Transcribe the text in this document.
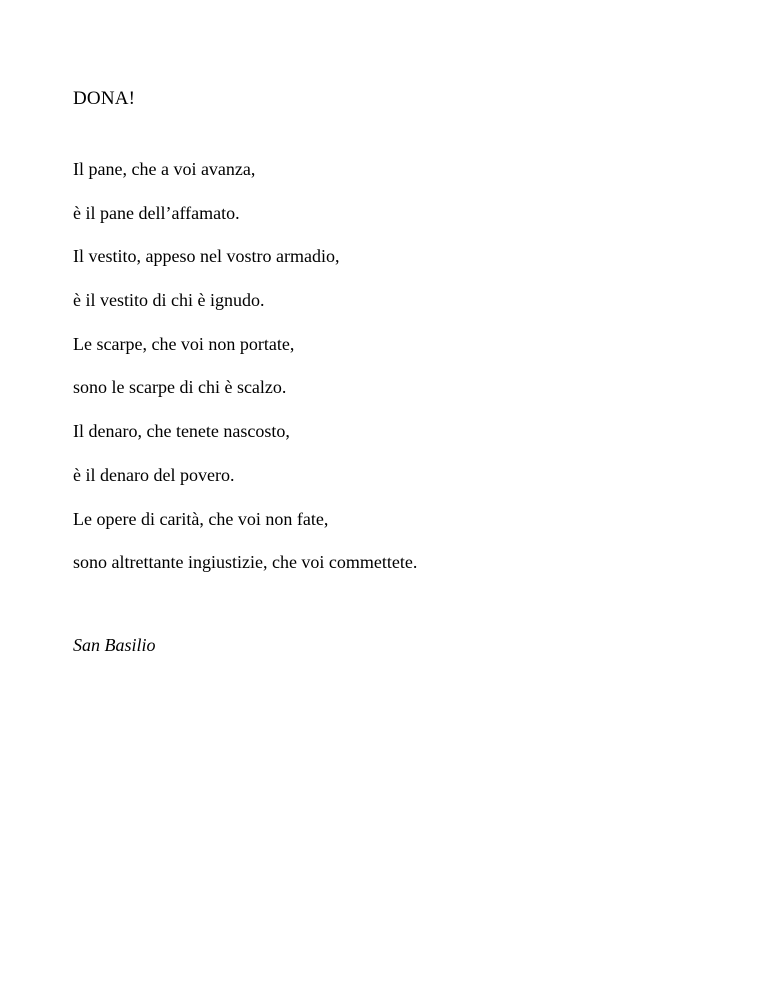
DONA!
Il pane, che a voi avanza,
è il pane dell’affamato.
Il vestito, appeso nel vostro armadio,
è il vestito di chi è ignudo.
Le scarpe, che voi non portate,
sono le scarpe di chi è scalzo.
Il denaro, che tenete nascosto,
è il denaro del povero.
Le opere di carità, che voi non fate,
sono altrettante ingiustizie, che voi commettete.

San Basilio
